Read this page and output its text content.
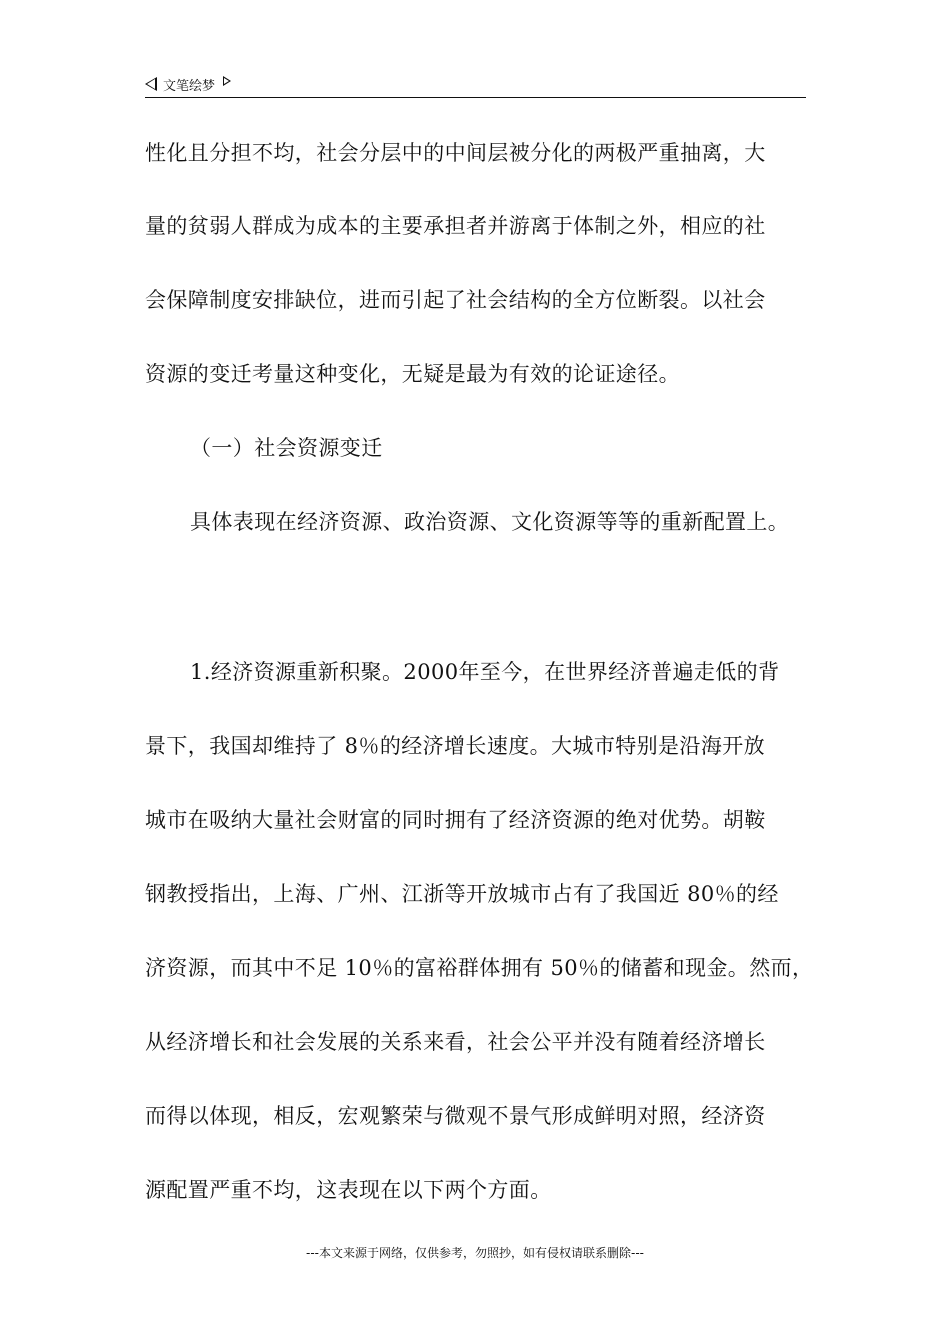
文笔绘梦
性化且分担不均，社会分层中的中间层被分化的两极严重抽离，大
量的贫弱人群成为成本的主要承担者并游离于体制之外，相应的社
会保障制度安排缺位，进而引起了社会结构的全方位断裂。以社会
资源的变迁考量这种变化，无疑是最为有效的论证途径。
（一）社会资源变迁
具体表现在经济资源、政治资源、文化资源等等的重新配置上。
1.经济资源重新积聚。2000年至今，在世界经济普遍走低的背
景下，我国却维持了 8％的经济增长速度。大城市特别是沿海开放
城市在吸纳大量社会财富的同时拥有了经济资源的绝对优势。胡鞍
钢教授指出，上海、广州、江浙等开放城市占有了我国近 80％的经
济资源，而其中不足 10％的富裕群体拥有 50％的储蓄和现金。然而，
从经济增长和社会发展的关系来看，社会公平并没有随着经济增长
而得以体现，相反，宏观繁荣与微观不景气形成鲜明对照，经济资
源配置严重不均，这表现在以下两个方面。
---本文来源于网络，仅供参考，勿照抄，如有侵权请联系删除---
